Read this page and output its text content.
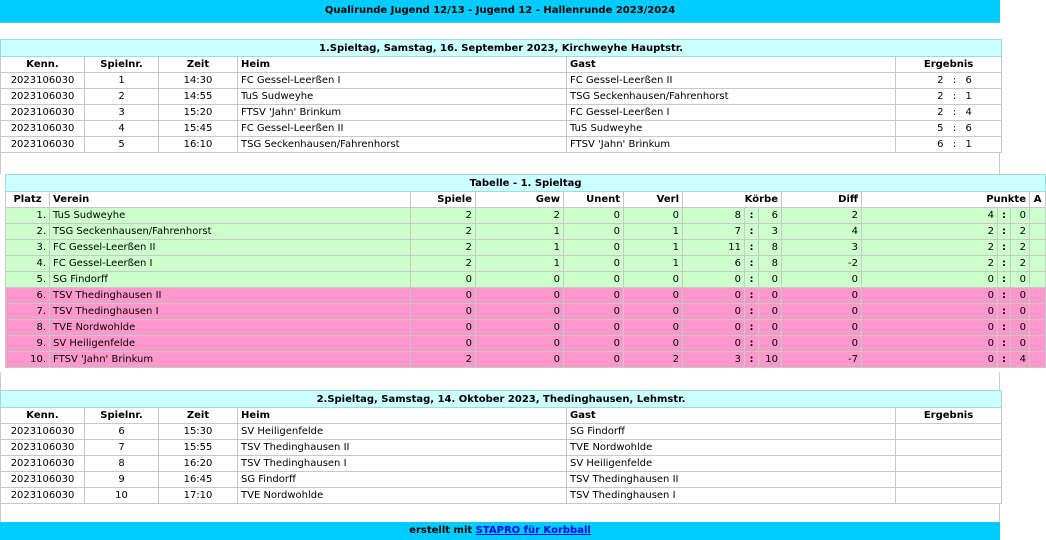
Qualirunde Jugend 12/13 - Jugend 12 - Hallenrunde 2023/2024
1.Spieltag, Samstag, 16. September 2023, Kirchweyhe Hauptstr.							
Kenn.	Spielnr.	Zeit	Heim	Gast	Ergebnis		
2023106030	1	14:30	FC Gessel-Leerßen I	FC Gessel-Leerßen II	2	:	6
2023106030	2	14:55	TuS Sudweyhe	TSG Seckenhausen/Fahrenhorst	2	:	1
2023106030	3	15:20	FTSV 'Jahn' Brinkum	FC Gessel-Leerßen I	2	:	4
2023106030	4	15:45	FC Gessel-Leerßen II	TuS Sudweyhe	5	:	6
2023106030	5	16:10	TSG Seckenhausen/Fahrenhorst	FTSV 'Jahn' Brinkum	6	:	1
Tabelle - 1. Spieltag													
Platz	Verein	Spiele	Gew	Unent	Verl	Körbe			Diff	Punkte			A
1.	TuS Sudweyhe	2	2	0	0	8	:	6	2	4	:	0	
2.	TSG Seckenhausen/Fahrenhorst	2	1	0	1	7	:	3	4	2	:	2	
3.	FC Gessel-Leerßen II	2	1	0	1	11	:	8	3	2	:	2	
4.	FC Gessel-Leerßen I	2	1	0	1	6	:	8	-2	2	:	2	
5.	SG Findorff	0	0	0	0	0	:	0	0	0	:	0	
6.	TSV Thedinghausen II	0	0	0	0	0	:	0	0	0	:	0	
7.	TSV Thedinghausen I	0	0	0	0	0	:	0	0	0	:	0	
8.	TVE Nordwohlde	0	0	0	0	0	:	0	0	0	:	0	
9.	SV Heiligenfelde	0	0	0	0	0	:	0	0	0	:	0	
10.	FTSV 'Jahn' Brinkum	2	0	0	2	3	:	10	-7	0	:	4	
2.Spieltag, Samstag, 14. Oktober 2023, Thedinghausen, Lehmstr.					
Kenn.	Spielnr.	Zeit	Heim	Gast	Ergebnis
2023106030	6	15:30	SV Heiligenfelde	SG Findorff	
2023106030	7	15:55	TSV Thedinghausen II	TVE Nordwohlde	
2023106030	8	16:20	TSV Thedinghausen I	SV Heiligenfelde	
2023106030	9	16:45	SG Findorff	TSV Thedinghausen II	
2023106030	10	17:10	TVE Nordwohlde	TSV Thedinghausen I	
erstellt mit STAPRO für Korbball
